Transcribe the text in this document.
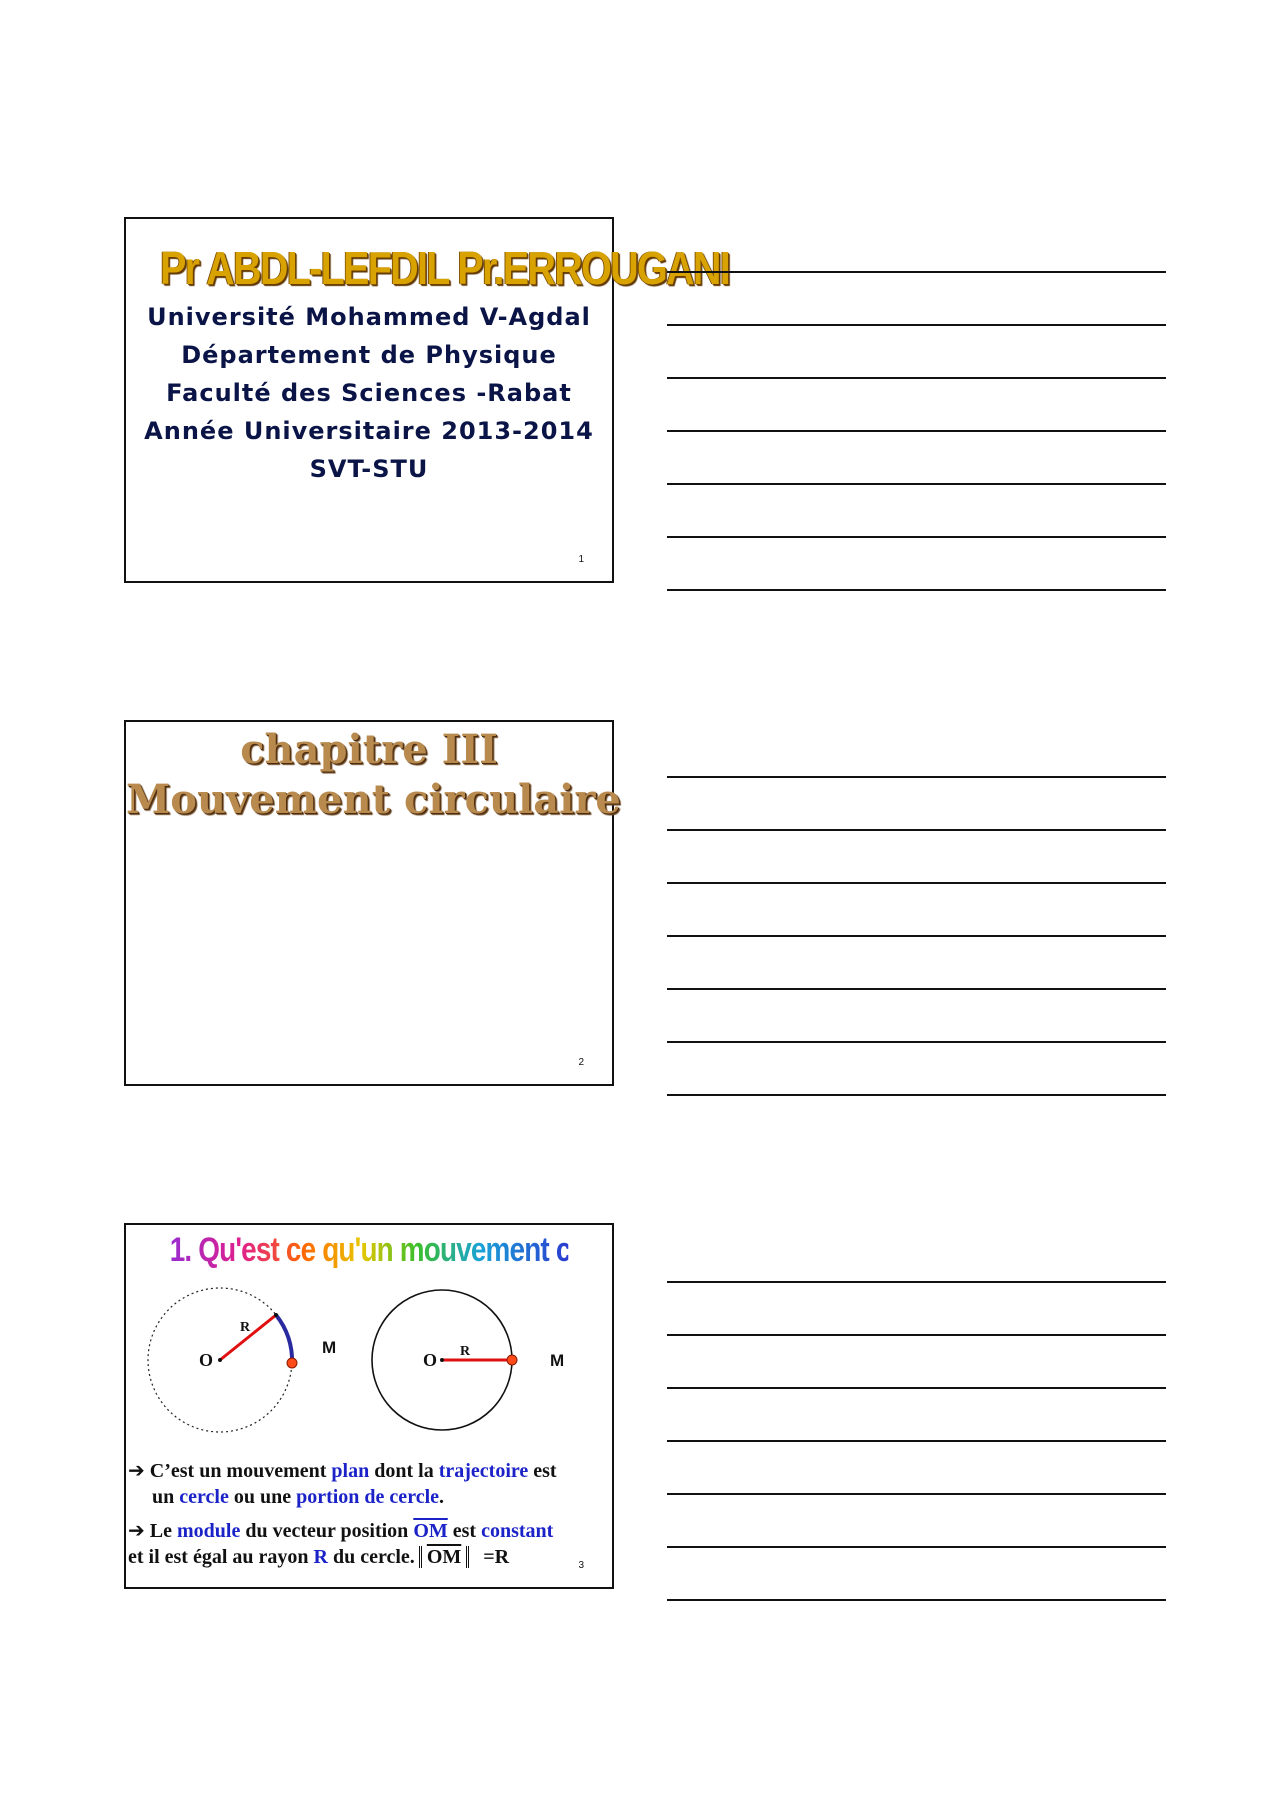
Pr ABDL-LEFDIL Pr.ERROUGANI
Université Mohammed V-Agdal
Département de Physique
Faculté des Sciences -Rabat
Année Universitaire 2013-2014
SVT-STU
1
chapitre III
Mouvement circulaire
2
1. Qu'est ce qu'un mouvement circulaire ?
O
R
M
O R	M
➔ C’est un mouvement plan dont la trajectoire est
un cercle ou une portion de cercle.
➔ Le module du vecteur position $\overline{OM}$ est constant
et il est égal au rayon R du cercle. $\overline{OM} =R$	3
